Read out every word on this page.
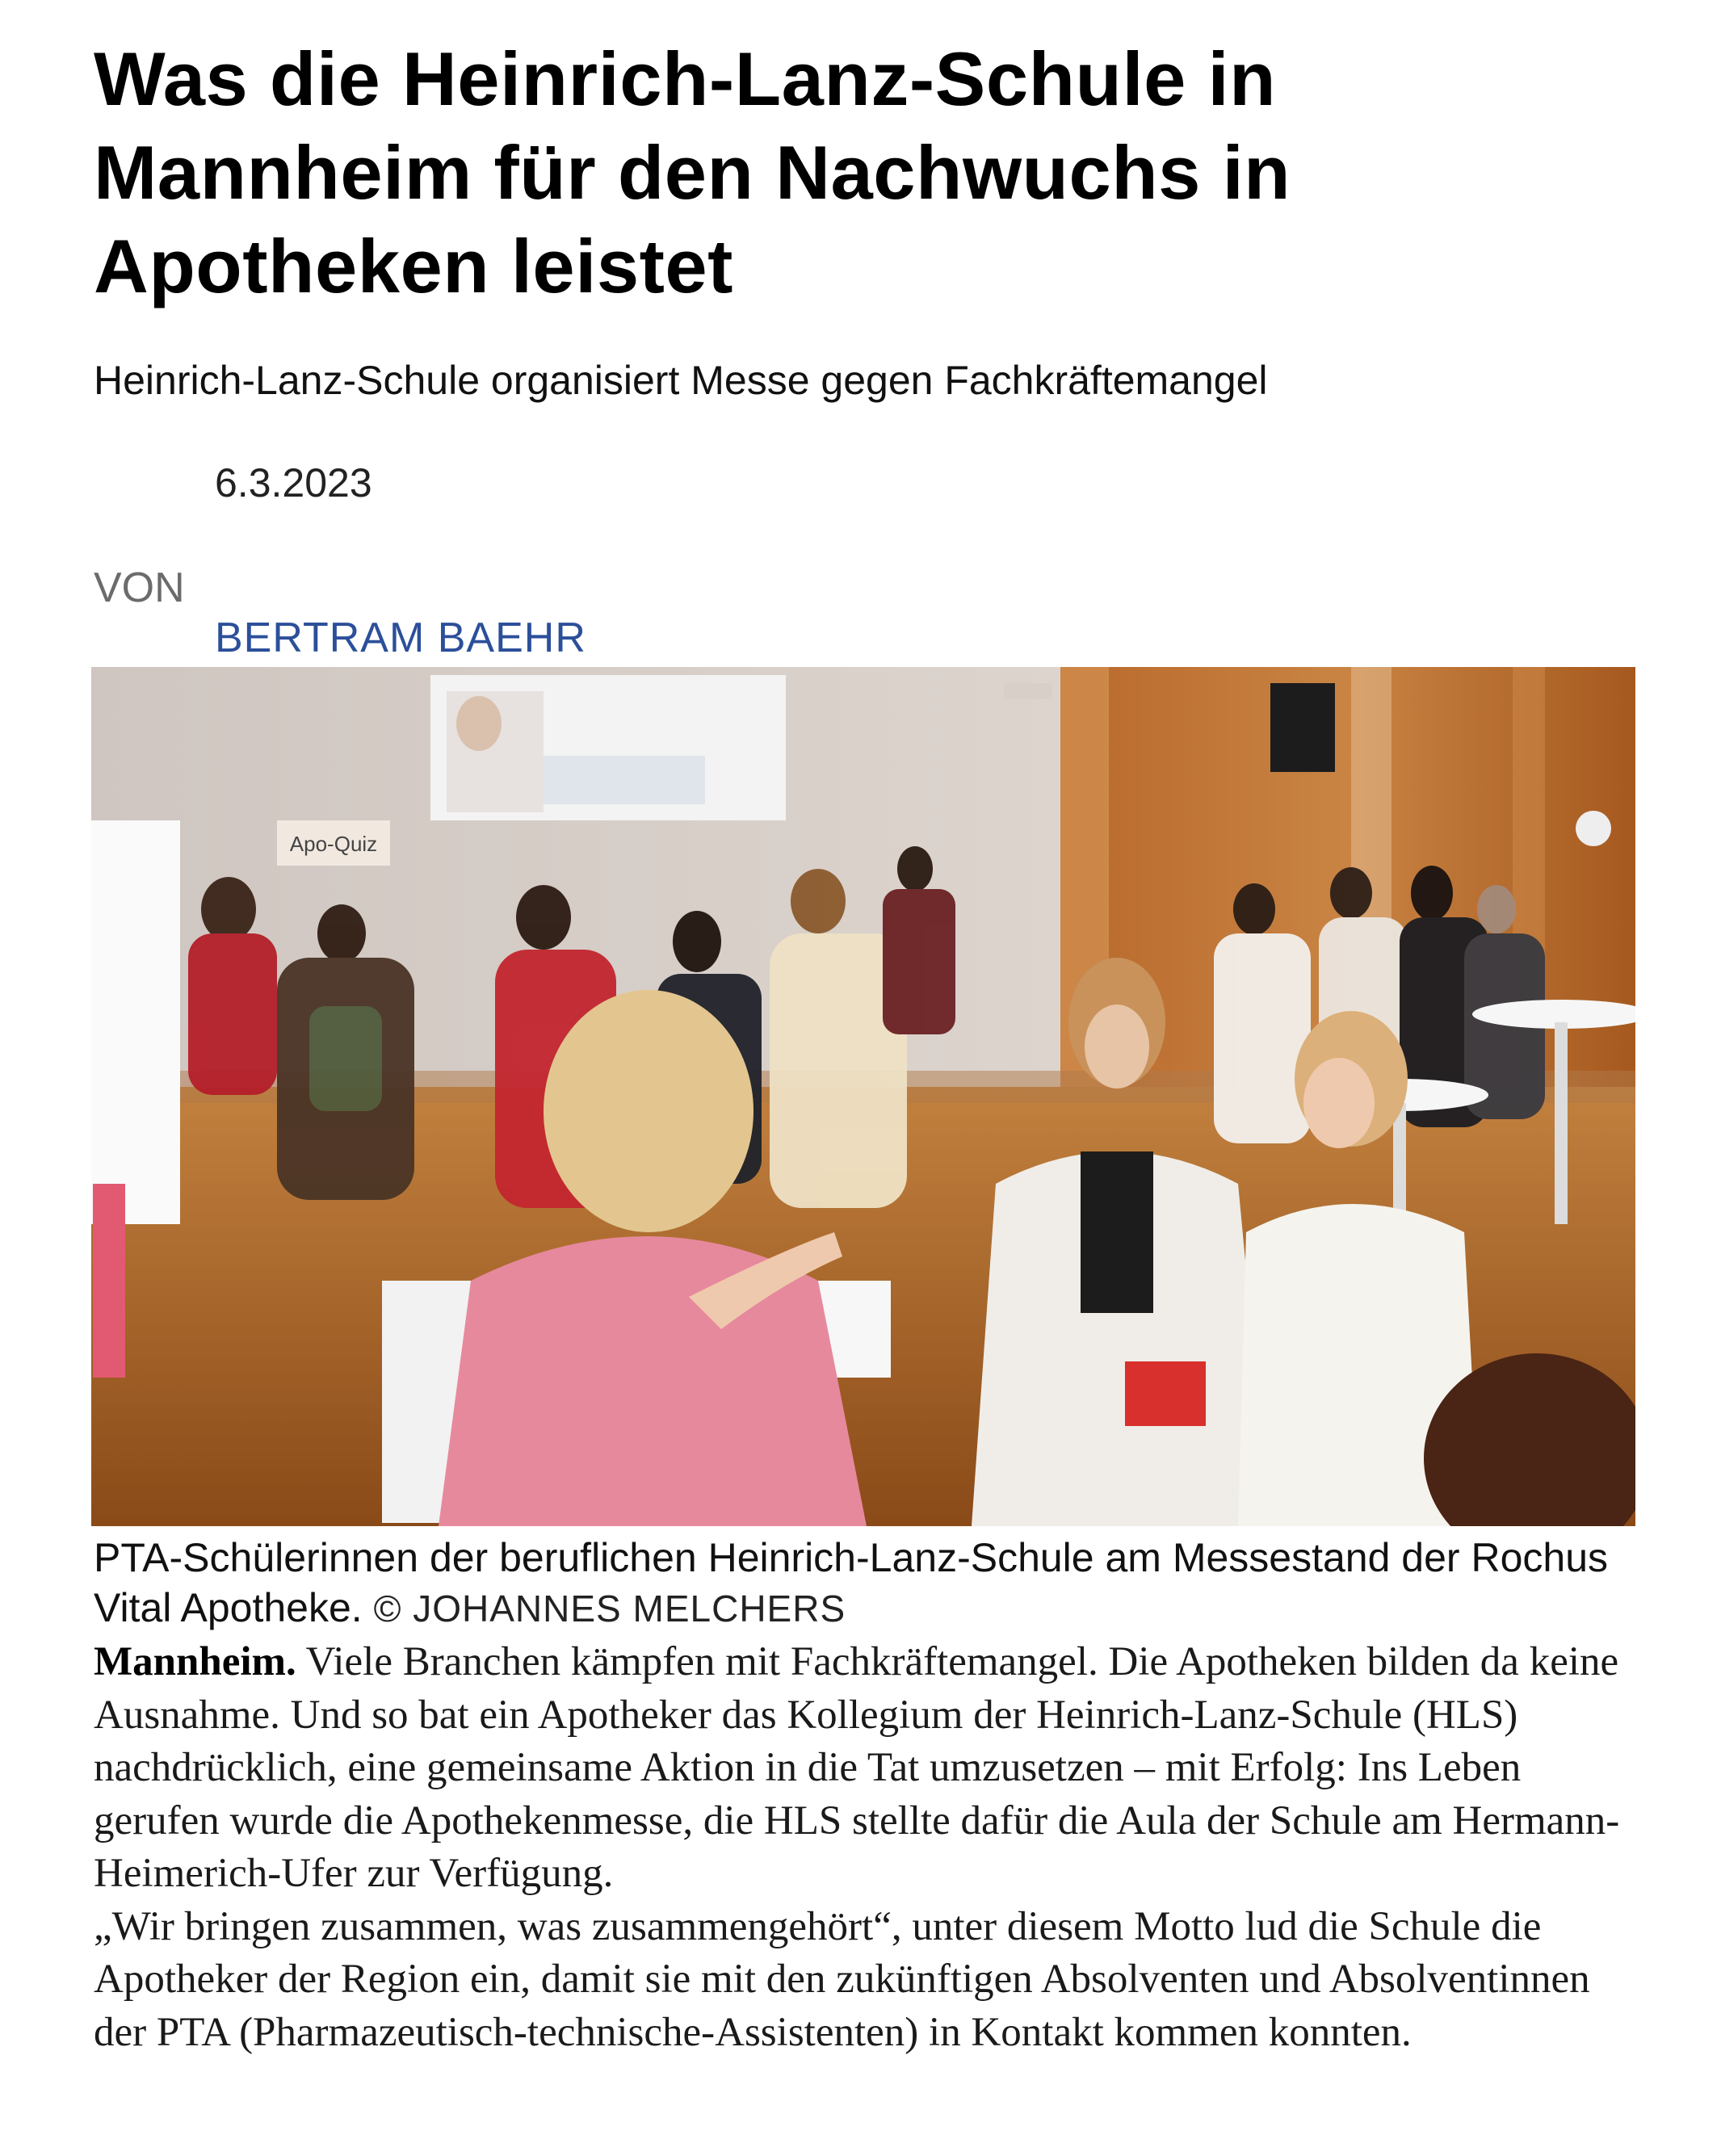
Was die Heinrich-Lanz-Schule in Mannheim für den Nachwuchs in Apotheken leistet

Heinrich-Lanz-Schule organisiert Messe gegen Fachkräftemangel

6.3.2023
VON
BERTRAM BAEHR
Apo-Quiz

PTA-Schülerinnen der beruflichen Heinrich-Lanz-Schule am Messestand der Rochus Vital Apotheke. © JOHANNES MELCHERS

Mannheim. Viele Branchen kämpfen mit Fachkräftemangel. Die Apotheken bilden da keine Ausnahme. Und so bat ein Apotheker das Kollegium der Heinrich-Lanz-Schule (HLS) nachdrücklich, eine gemeinsame Aktion in die Tat umzusetzen – mit Erfolg: Ins Leben gerufen wurde die Apothekenmesse, die HLS stellte dafür die Aula der Schule am Hermann-Heimerich-Ufer zur Verfügung.

„Wir bringen zusammen, was zusammengehört“, unter diesem Motto lud die Schule die Apotheker der Region ein, damit sie mit den zukünftigen Absolventen und Absolventinnen der PTA (Pharmazeutisch-technische-Assistenten) in Kontakt kommen konnten.
